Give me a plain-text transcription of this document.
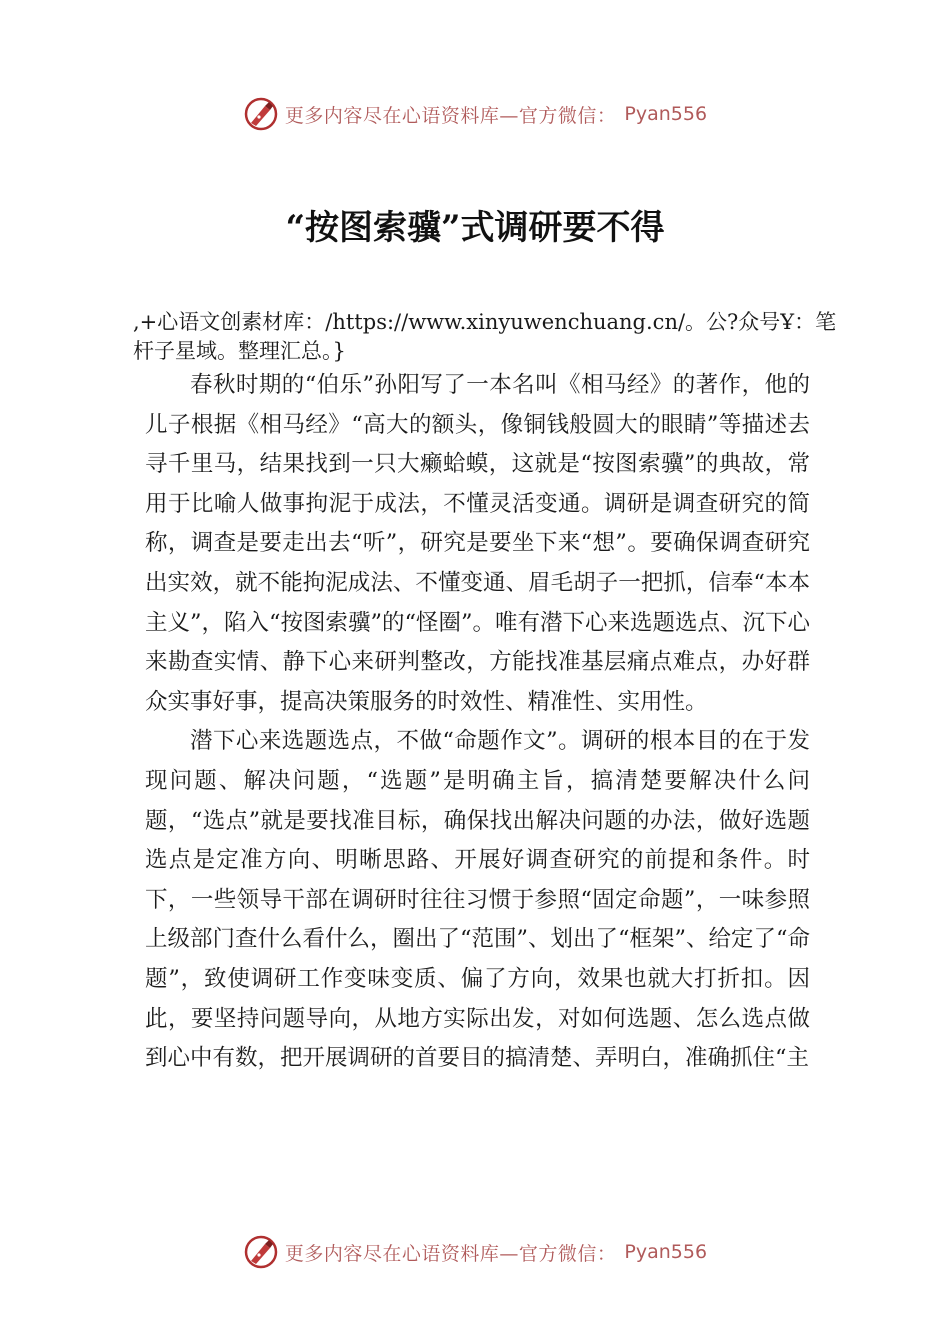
更多内容尽在心语资料库—官方微信： Pyan556
“按图索骥”式调研要不得

,+心语文创素材库：/https://www.xinyuwenchuang.cn/。公?众号Ұ：笔杆子星域。整理汇总。}

春秋时期的“伯乐”孙阳写了一本名叫《相马经》的著作，他的儿子根据《相马经》“高大的额头，像铜钱般圆大的眼睛”等描述去寻千里马，结果找到一只大癞蛤蟆，这就是“按图索骥”的典故，常用于比喻人做事拘泥于成法，不懂灵活变通。调研是调查研究的简称，调查是要走出去“听”，研究是要坐下来“想”。要确保调查研究出实效，就不能拘泥成法、不懂变通、眉毛胡子一把抓，信奉“本本主义”，陷入“按图索骥”的“怪圈”。唯有潜下心来选题选点、沉下心来勘查实情、静下心来研判整改，方能找准基层痛点难点，办好群众实事好事，提高决策服务的时效性、精准性、实用性。

潜下心来选题选点，不做“命题作文”。调研的根本目的在于发现问题、解决问题，“选题”是明确主旨，搞清楚要解决什么问题，“选点”就是要找准目标，确保找出解决问题的办法，做好选题选点是定准方向、明晰思路、开展好调查研究的前提和条件。时下，一些领导干部在调研时往往习惯于参照“固定命题”，一味参照上级部门查什么看什么，圈出了“范围”、划出了“框架”、给定了“命题”，致使调研工作变味变质、偏了方向，效果也就大打折扣。因此，要坚持问题导向，从地方实际出发，对如何选题、怎么选点做到心中有数，把开展调研的首要目的搞清楚、弄明白，准确抓住“主

更多内容尽在心语资料库—官方微信： Pyan556
